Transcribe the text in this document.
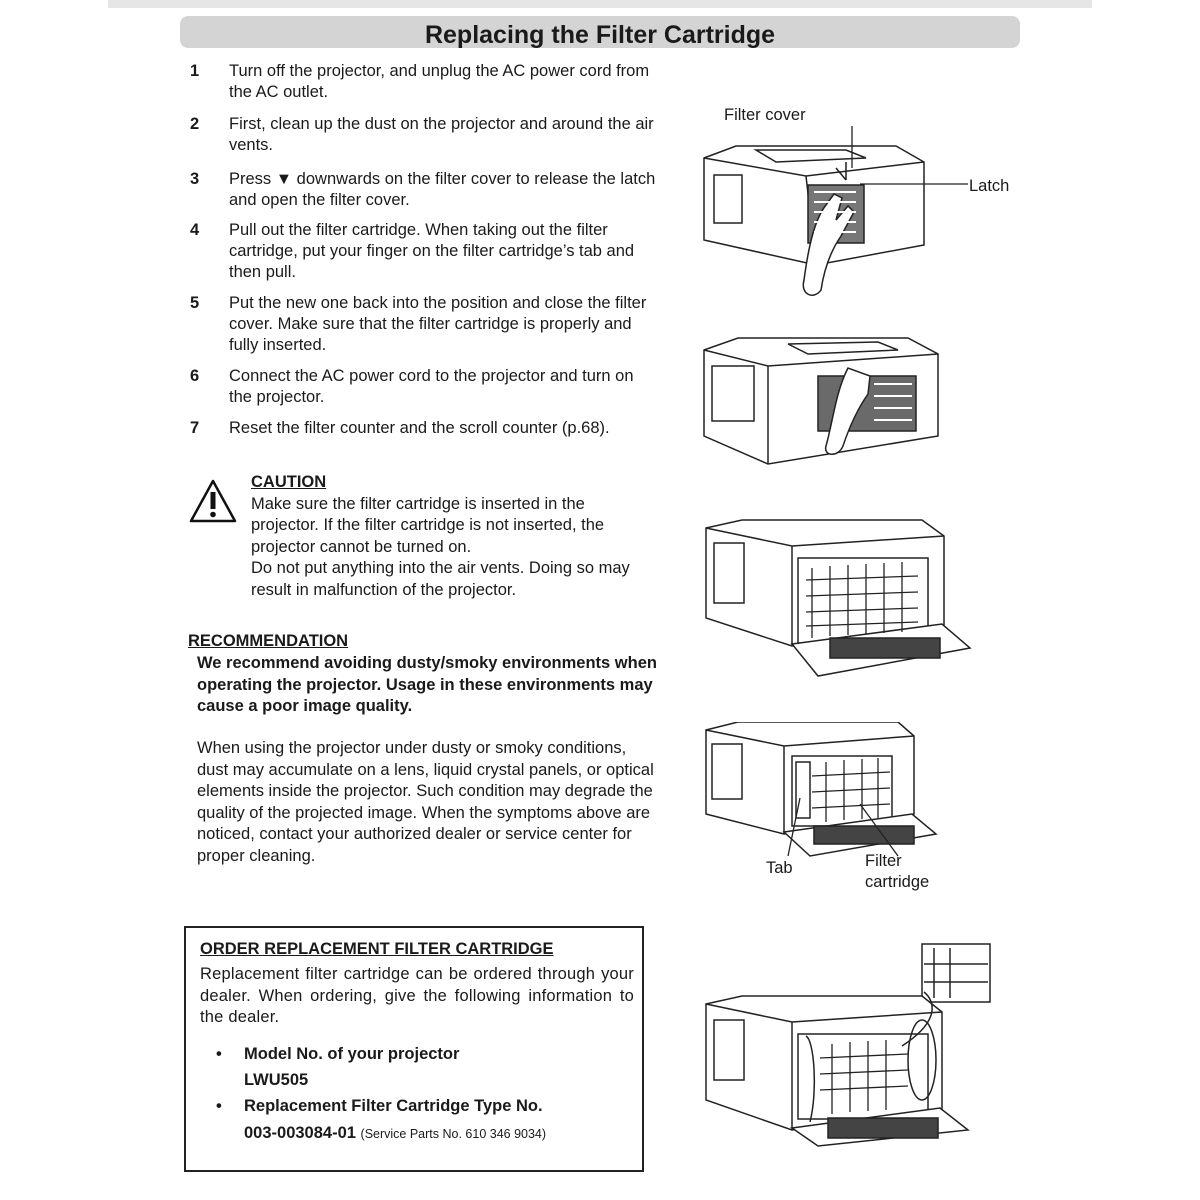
Replacing the Filter Cartridge
1	Turn off the projector, and unplug the AC power cord from the AC outlet.
2	First, clean up the dust on the projector and around the air vents.
3	Press ▼ downwards on the filter cover to release the latch and open the filter cover.
4	Pull out the filter cartridge. When taking out the filter cartridge, put your finger on the filter cartridge’s tab and then pull.
5	Put the new one back into the position and close the filter cover. Make sure that the filter cartridge is properly and fully inserted.
6	Connect the AC power cord to the projector and turn on the projector.
7	Reset the filter counter and the scroll counter (p.68).
CAUTION
Make sure the filter cartridge is inserted in the projector. If the filter cartridge is not inserted, the projector cannot be turned on.
Do not put anything into the air vents. Doing so may result in malfunction of the projector.
RECOMMENDATION
We recommend avoiding dusty/smoky environments when operating the projector. Usage in these environments may cause a poor image quality.
When using the projector under dusty or smoky conditions, dust may accumulate on a lens, liquid crystal panels, or optical elements inside the projector. Such condition may degrade the quality of the projected image. When the symptoms above are noticed, contact your authorized dealer or service center for proper cleaning.
ORDER REPLACEMENT FILTER CARTRIDGE
Replacement filter cartridge can be ordered through your dealer. When ordering, give the following information to the dealer.
• Model No. of your projector
LWU505
• Replacement Filter Cartridge Type No.
003-003084-01 (Service Parts No. 610 346 9034)
Filter cover
Latch
Tab	Filter
cartridge
